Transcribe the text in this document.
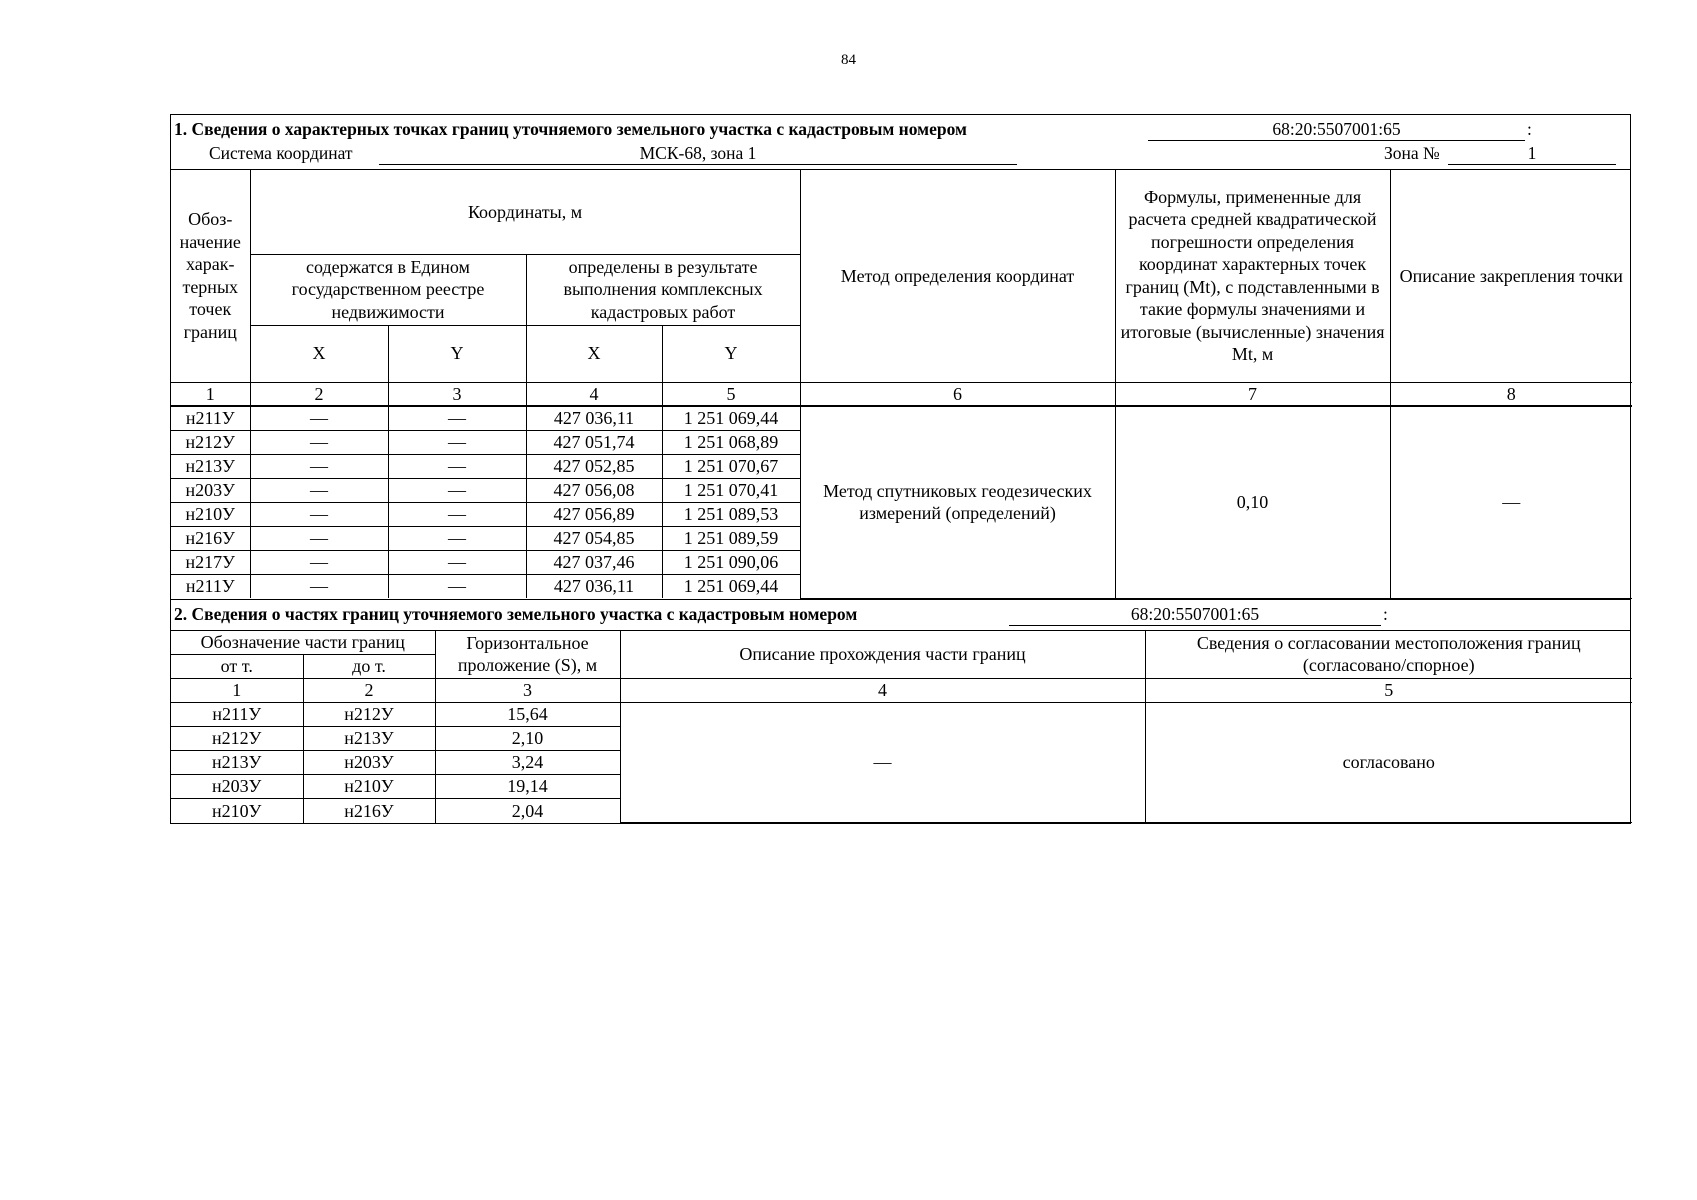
84
1. Сведения о характерных точках границ уточняемого земельного участка с кадастровым номером	68:20:5507001:65	:
Система координат	МСК-68, зона 1	Зона №	1
Обоз-начение харак-терных точек границ	Координаты, м				Метод определения координат	Формулы, примененные для расчета средней квадратической погрешности определения координат характерных точек границ (Mt), с подставленными в такие формулы значениями и итоговые (вычисленные) значения Mt, м	Описание закрепления точки
	содержатся в Едином государственном реестре недвижимости		определены в результате выполнения комплексных кадастровых работ				
	X	Y	X	Y			
1	2	3	4	5	6	7	8
н211У	—	—	427 036,11	1 251 069,44	Метод спутниковых геодезических измерений (определений)	0,10	—
н212У	—	—	427 051,74	1 251 068,89			
н213У	—	—	427 052,85	1 251 070,67			
н203У	—	—	427 056,08	1 251 070,41			
н210У	—	—	427 056,89	1 251 089,53			
н216У	—	—	427 054,85	1 251 089,59			
н217У	—	—	427 037,46	1 251 090,06			
н211У	—	—	427 036,11	1 251 069,44			
2. Сведения о частях границ уточняемого земельного участка с кадастровым номером	68:20:5507001:65	:
Обозначение части границ		Горизонтальное проложение (S), м	Описание прохождения части границ	Сведения о согласовании местоположения границ (согласовано/спорное)
от т.	до т.			
1	2	3	4	5
н211У	н212У	15,64	—	согласовано
н212У	н213У	2,10		
н213У	н203У	3,24		
н203У	н210У	19,14		
н210У	н216У	2,04		
